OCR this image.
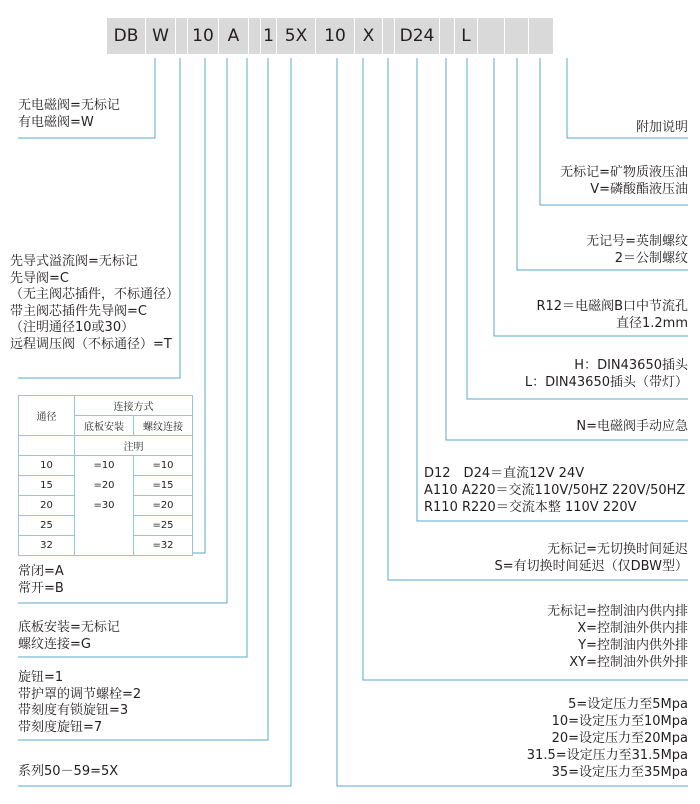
DB W	10 A	1 5X 10 X	D24	L
无电磁阀=无标记
有电磁阀=W
先导式溢流阀=无标记
先导阀=C
（无主阀芯插件，不标通径）
带主阀芯插件先导阀=C
（注明通径10或30）
远程调压阀（不标通径）=T
通径	连接方式	
	底板安装	螺纹连接
	注明	
10	=10	=10
15	=20	=15
20	=30	=20
25		=25
32		=32
常闭=A
常开=B
底板安装=无标记
螺纹连接=G
旋钮=1
带护罩的调节螺栓=2
带刻度有锁旋钮=3
带刻度旋钮=7
系列50－59=5X
附加说明
无标记=矿物质液压油
V=磷酸酯液压油
无记号=英制螺纹
2＝公制螺纹
R12＝电磁阀B口中节流孔
直径1.2mm
H：DIN43650插头
L：DIN43650插头（带灯）
N=电磁阀手动应急
D12　D24＝直流12V 24V
A110 A220＝交流110V/50HZ 220V/50HZ
R110 R220＝交流本整 110V 220V
无标记=无切换时间延迟
S=有切换时间延迟（仅DBW型）
无标记=控制油内供内排
X=控制油外供内排
Y=控制油内供外排
XY=控制油外供外排
5=设定压力至5Mpa
10=设定压力至10Mpa
20=设定压力至20Mpa
31.5=设定压力至31.5Mpa
35=设定压力至35Mpa
